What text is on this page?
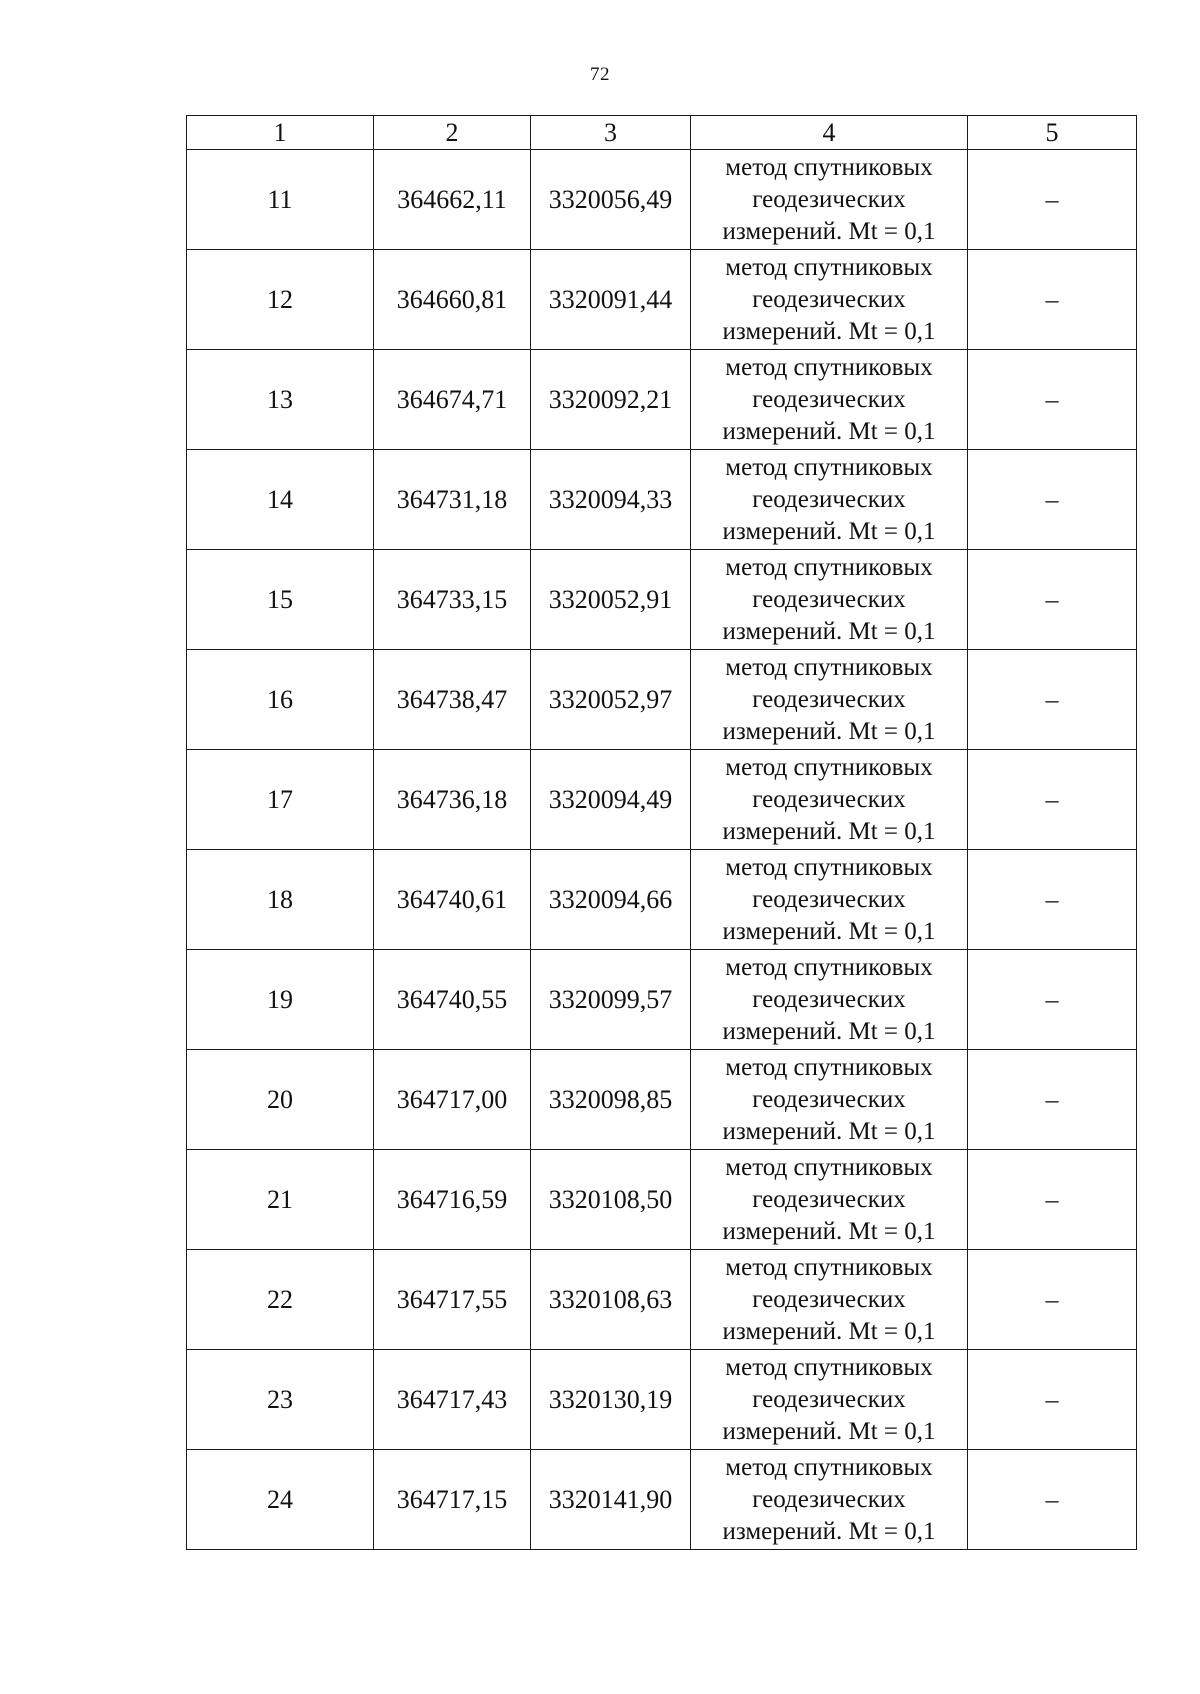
72
1	2	3	4	5
11	364662,11	3320056,49	метод спутниковых
геодезических
измерений. Mt = 0,1	–
12	364660,81	3320091,44	метод спутниковых
геодезических
измерений. Mt = 0,1	–
13	364674,71	3320092,21	метод спутниковых
геодезических
измерений. Mt = 0,1	–
14	364731,18	3320094,33	метод спутниковых
геодезических
измерений. Mt = 0,1	–
15	364733,15	3320052,91	метод спутниковых
геодезических
измерений. Mt = 0,1	–
16	364738,47	3320052,97	метод спутниковых
геодезических
измерений. Mt = 0,1	–
17	364736,18	3320094,49	метод спутниковых
геодезических
измерений. Mt = 0,1	–
18	364740,61	3320094,66	метод спутниковых
геодезических
измерений. Mt = 0,1	–
19	364740,55	3320099,57	метод спутниковых
геодезических
измерений. Mt = 0,1	–
20	364717,00	3320098,85	метод спутниковых
геодезических
измерений. Mt = 0,1	–
21	364716,59	3320108,50	метод спутниковых
геодезических
измерений. Mt = 0,1	–
22	364717,55	3320108,63	метод спутниковых
геодезических
измерений. Mt = 0,1	–
23	364717,43	3320130,19	метод спутниковых
геодезических
измерений. Mt = 0,1	–
24	364717,15	3320141,90	метод спутниковых
геодезических
измерений. Mt = 0,1	–
